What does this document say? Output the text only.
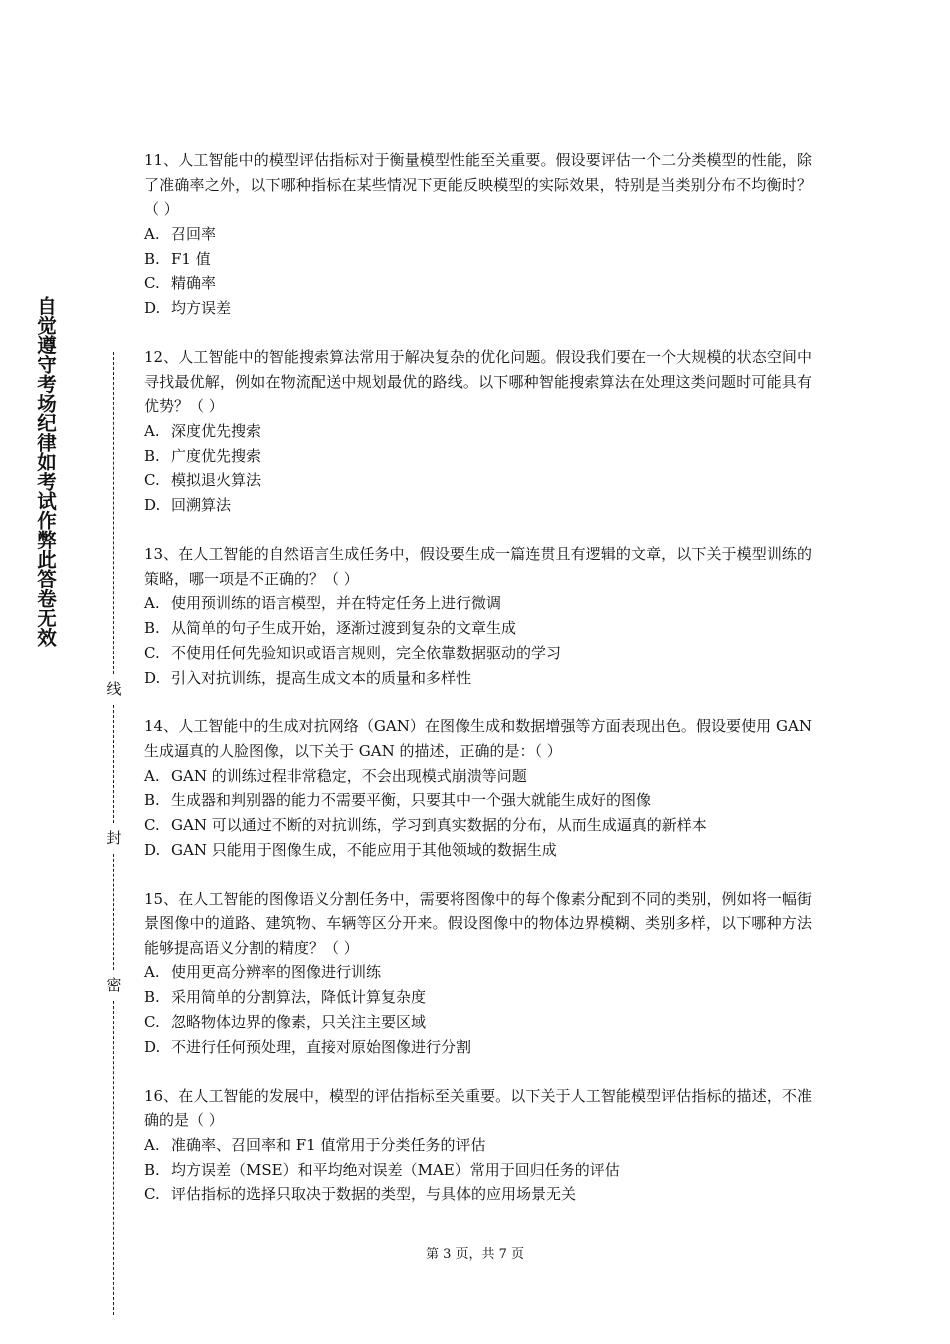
自觉遵守考场纪律如考试作弊此答卷无效
线
封
密

11、人工智能中的模型评估指标对于衡量模型性能至关重要。假设要评估一个二分类模型的性能，除了准确率之外，以下哪种指标在某些情况下更能反映模型的实际效果，特别是当类别分布不均衡时？（ ）

A. 召回率
B. F1 值
C. 精确率
D. 均方误差

12、人工智能中的智能搜索算法常用于解决复杂的优化问题。假设我们要在一个大规模的状态空间中寻找最优解，例如在物流配送中规划最优的路线。以下哪种智能搜索算法在处理这类问题时可能具有优势？（ ）

A. 深度优先搜索
B. 广度优先搜索
C. 模拟退火算法
D. 回溯算法

13、在人工智能的自然语言生成任务中，假设要生成一篇连贯且有逻辑的文章，以下关于模型训练的策略，哪一项是不正确的？（ ）

A. 使用预训练的语言模型，并在特定任务上进行微调
B. 从简单的句子生成开始，逐渐过渡到复杂的文章生成
C. 不使用任何先验知识或语言规则，完全依靠数据驱动的学习
D. 引入对抗训练，提高生成文本的质量和多样性

14、人工智能中的生成对抗网络（GAN）在图像生成和数据增强等方面表现出色。假设要使用 GAN 生成逼真的人脸图像，以下关于 GAN 的描述，正确的是：（ ）

A. GAN 的训练过程非常稳定，不会出现模式崩溃等问题
B. 生成器和判别器的能力不需要平衡，只要其中一个强大就能生成好的图像
C. GAN 可以通过不断的对抗训练，学习到真实数据的分布，从而生成逼真的新样本
D. GAN 只能用于图像生成，不能应用于其他领域的数据生成

15、在人工智能的图像语义分割任务中，需要将图像中的每个像素分配到不同的类别，例如将一幅街景图像中的道路、建筑物、车辆等区分开来。假设图像中的物体边界模糊、类别多样，以下哪种方法能够提高语义分割的精度？（ ）

A. 使用更高分辨率的图像进行训练
B. 采用简单的分割算法，降低计算复杂度
C. 忽略物体边界的像素，只关注主要区域
D. 不进行任何预处理，直接对原始图像进行分割

16、在人工智能的发展中，模型的评估指标至关重要。以下关于人工智能模型评估指标的描述，不准确的是（ ）

A. 准确率、召回率和 F1 值常用于分类任务的评估
B. 均方误差（MSE）和平均绝对误差（MAE）常用于回归任务的评估
C. 评估指标的选择只取决于数据的类型，与具体的应用场景无关
第 3 页，共 7 页
